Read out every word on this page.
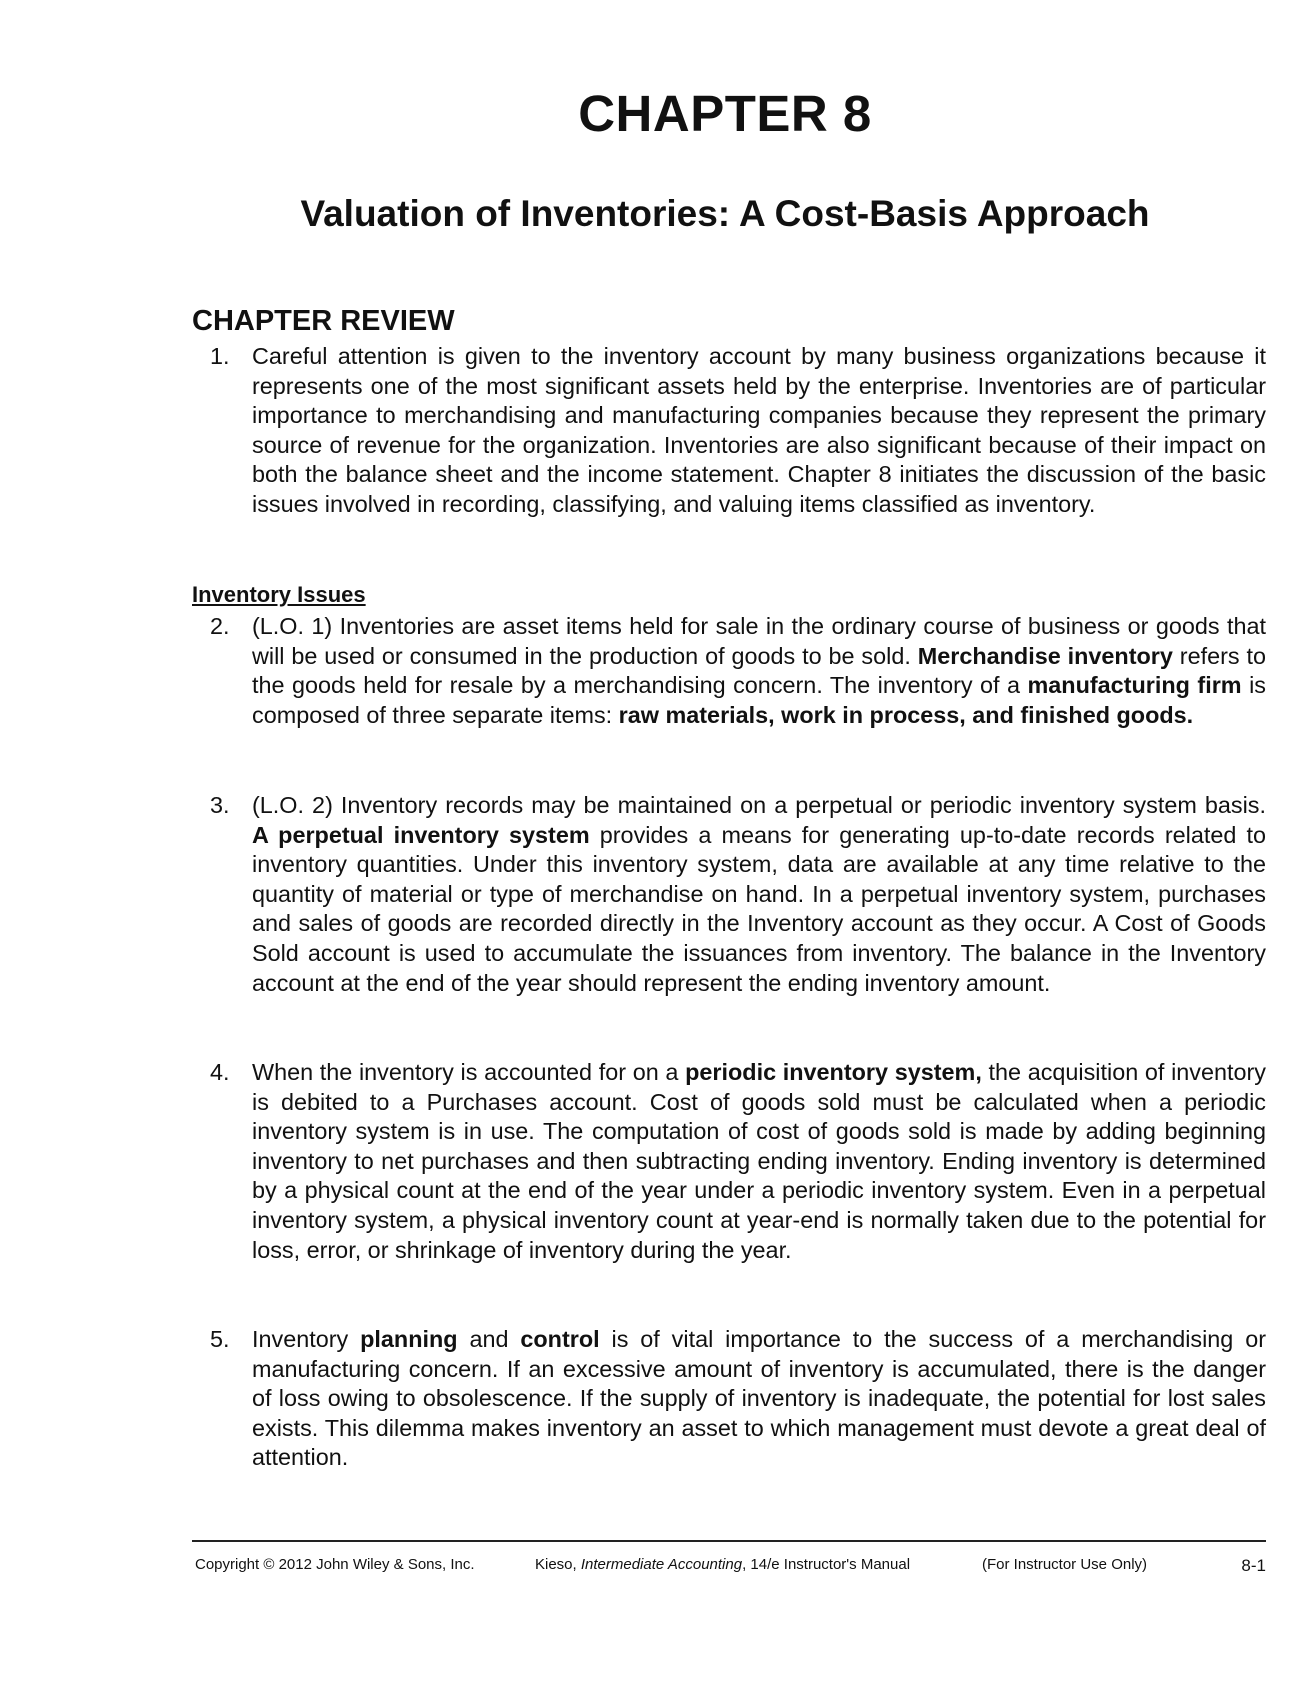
CHAPTER 8
Valuation of Inventories: A Cost-Basis Approach
CHAPTER REVIEW
1. Careful attention is given to the inventory account by many business organizations because it represents one of the most significant assets held by the enterprise. Inventories are of particular importance to merchandising and manufacturing companies because they represent the primary source of revenue for the organization. Inventories are also significant because of their impact on both the balance sheet and the income statement. Chapter 8 initiates the discussion of the basic issues involved in recording, classifying, and valuing items classified as inventory.
Inventory Issues
2. (L.O. 1) Inventories are asset items held for sale in the ordinary course of business or goods that will be used or consumed in the production of goods to be sold. Merchandise inventory refers to the goods held for resale by a merchandising concern. The inventory of a manufacturing firm is composed of three separate items: raw materials, work in process, and finished goods.
3. (L.O. 2) Inventory records may be maintained on a perpetual or periodic inventory system basis. A perpetual inventory system provides a means for generating up-to-date records related to inventory quantities. Under this inventory system, data are available at any time relative to the quantity of material or type of merchandise on hand. In a perpetual inventory system, purchases and sales of goods are recorded directly in the Inventory account as they occur. A Cost of Goods Sold account is used to accumulate the issuances from inventory. The balance in the Inventory account at the end of the year should represent the ending inventory amount.
4. When the inventory is accounted for on a periodic inventory system, the acquisition of inventory is debited to a Purchases account. Cost of goods sold must be calculated when a periodic inventory system is in use. The computation of cost of goods sold is made by adding beginning inventory to net purchases and then subtracting ending inventory. Ending inventory is determined by a physical count at the end of the year under a periodic inventory system. Even in a perpetual inventory system, a physical inventory count at year-end is normally taken due to the potential for loss, error, or shrinkage of inventory during the year.
5. Inventory planning and control is of vital importance to the success of a merchandising or manufacturing concern. If an excessive amount of inventory is accumulated, there is the danger of loss owing to obsolescence. If the supply of inventory is inadequate, the potential for lost sales exists. This dilemma makes inventory an asset to which management must devote a great deal of attention.
Copyright © 2012 John Wiley & Sons, Inc.	Kieso, Intermediate Accounting, 14/e Instructor's Manual	(For Instructor Use Only)	8-1
